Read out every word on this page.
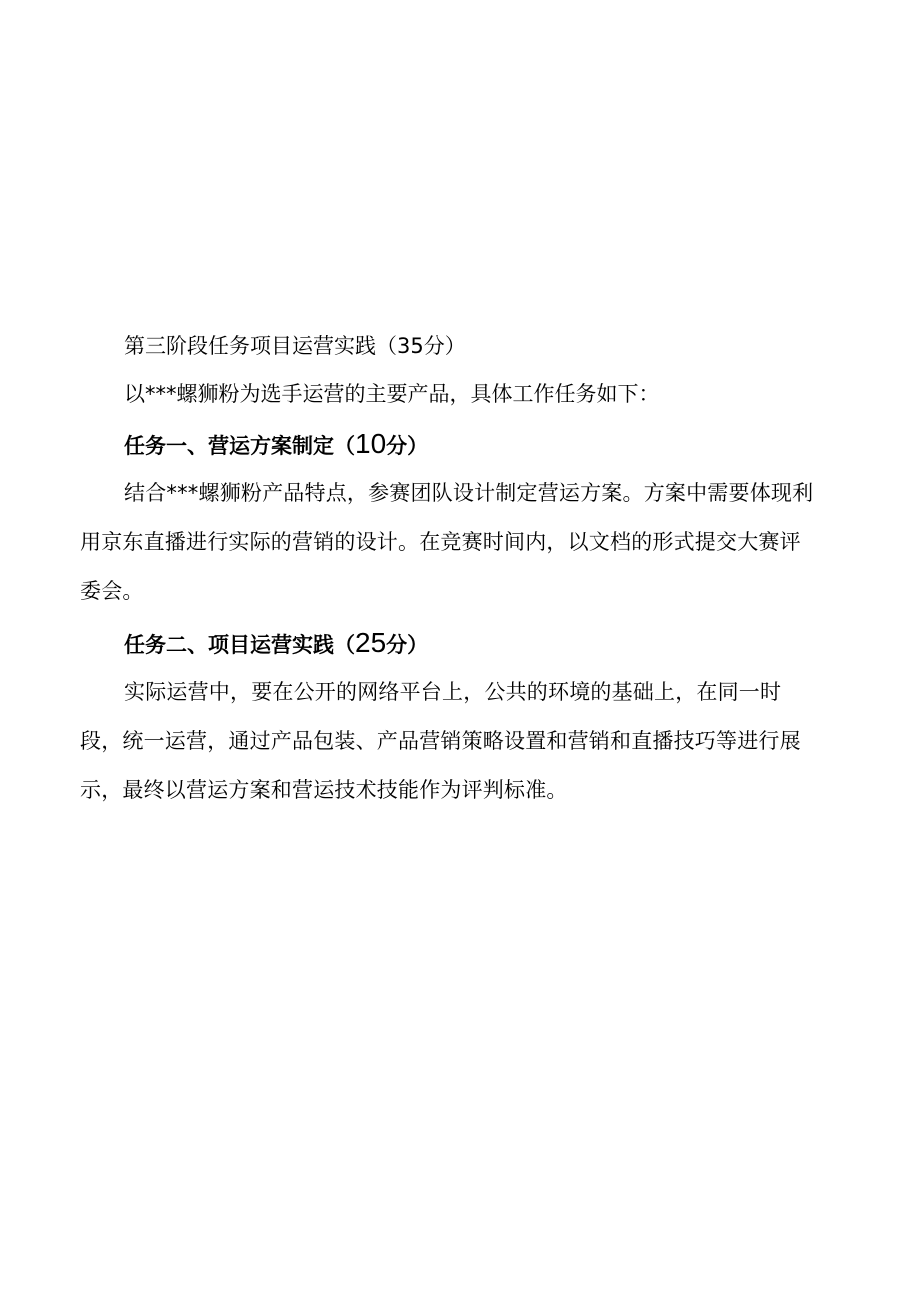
第三阶段任务项目运营实践（35分）

以***螺狮粉为选手运营的主要产品，具体工作任务如下：

任务一、营运方案制定（10分）

结合***螺狮粉产品特点，参赛团队设计制定营运方案。方案中需要体现利

用京东直播进行实际的营销的设计。在竞赛时间内，以文档的形式提交大赛评

委会。

任务二、项目运营实践（25分）

实际运营中，要在公开的网络平台上，公共的环境的基础上，在同一时

段，统一运营，通过产品包装、产品营销策略设置和营销和直播技巧等进行展

示，最终以营运方案和营运技术技能作为评判标准。
